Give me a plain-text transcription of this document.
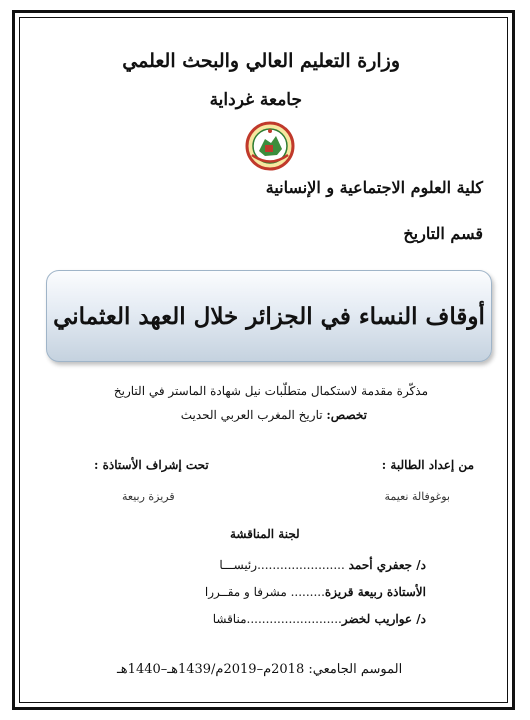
وزارة التعليم العالي والبحث العلمي
جامعة غرداية
كلية العلوم الاجتماعية و الإنسانية
قسم التاريخ
أوقاف النساء في الجزائر خلال العهد العثماني
مذكّرة مقدمة لاستكمال متطلّبات نيل شهادة الماستر في التاريخ
تخصص: تاريخ المغرب العربي الحديث
من إعداد الطالبة :
تحت إشراف الأستاذة :
بوغوفالة نعيمة
قريزة ربيعة
لجنة المناقشة
د/ جعفري أحمد .......................رئيســـا
الأستاذة ربيعة قريزة......... مشرفا و مقــررا
د/ عواريب لخضر.........................مناقشا
الموسم الجامعي: 2018م–2019م/1439هـ–1440هـ
